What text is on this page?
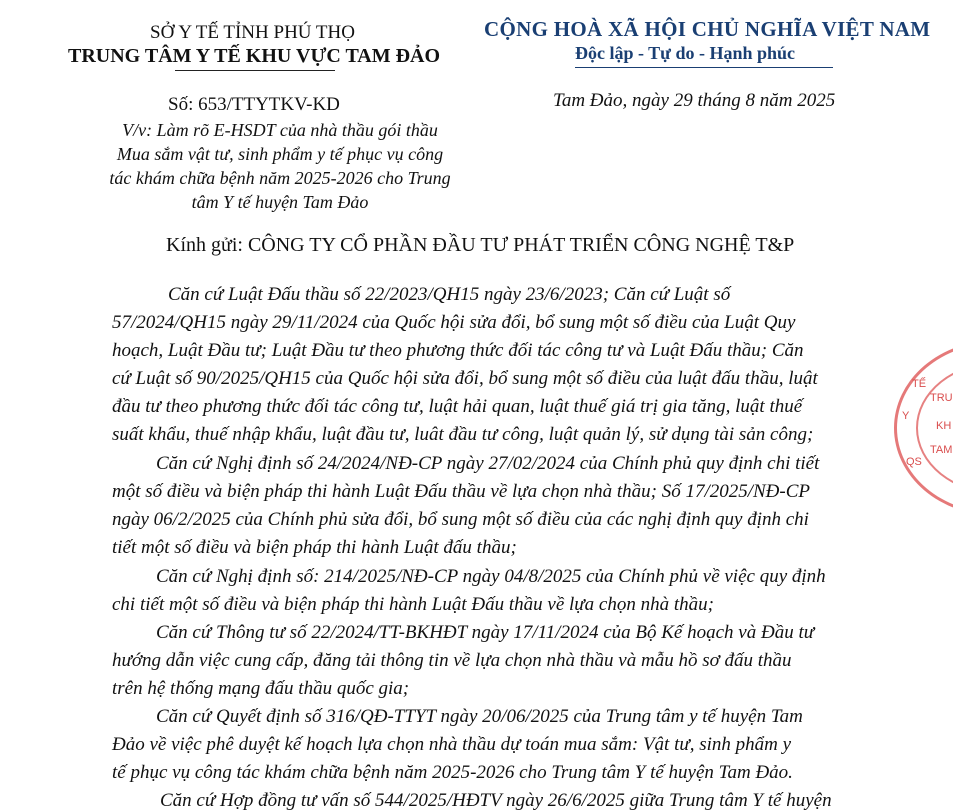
SỞ Y TẾ TỈNH PHÚ THỌ
TRUNG TÂM Y TẾ KHU VỰC TAM ĐẢO
CỘNG HOÀ XÃ HỘI CHỦ NGHĨA VIỆT NAM
Độc lập - Tự do - Hạnh phúc
Số: 653/TTYTKV-KD	Tam Đảo, ngày 29 tháng 8 năm 2025
V/v: Làm rõ E-HSDT của nhà thầu gói thầu
Mua sắm vật tư, sinh phẩm y tế phục vụ công
tác khám chữa bệnh năm 2025-2026 cho Trung
tâm Y tế huyện Tam Đảo
Kính gửi: CÔNG TY CỔ PHẦN ĐẦU TƯ PHÁT TRIỂN CÔNG NGHỆ T&P
Căn cứ Luật Đấu thầu số 22/2023/QH15 ngày 23/6/2023; Căn cứ Luật số
57/2024/QH15 ngày 29/11/2024 của Quốc hội sửa đổi, bổ sung một số điều của Luật Quy
hoạch, Luật Đầu tư; Luật Đầu tư theo phương thức đối tác công tư và Luật Đấu thầu; Căn
cứ Luật số 90/2025/QH15 của Quốc hội sửa đổi, bổ sung một số điều của luật đấu thầu, luật
đầu tư theo phương thức đối tác công tư, luật hải quan, luật thuế giá trị gia tăng, luật thuế
suất khẩu, thuế nhập khẩu, luật đầu tư, luât đầu tư công, luật quản lý, sử dụng tài sản công;
Căn cứ Nghị định số 24/2024/NĐ-CP ngày 27/02/2024 của Chính phủ quy định chi tiết
một số điều và biện pháp thi hành Luật Đấu thầu về lựa chọn nhà thầu; Số 17/2025/NĐ-CP
ngày 06/2/2025 của Chính phủ sửa đổi, bổ sung một số điều của các nghị định quy định chi
tiết một số điều và biện pháp thi hành Luật đấu thầu;
Căn cứ Nghị định số: 214/2025/NĐ-CP ngày 04/8/2025 của Chính phủ về việc quy định
chi tiết một số điều và biện pháp thi hành Luật Đấu thầu về lựa chọn nhà thầu;
Căn cứ Thông tư số 22/2024/TT-BKHĐT ngày 17/11/2024 của Bộ Kế hoạch và Đầu tư
hướng dẫn việc cung cấp, đăng tải thông tin về lựa chọn nhà thầu và mẫu hồ sơ đấu thầu
trên hệ thống mạng đấu thầu quốc gia;
Căn cứ Quyết định số 316/QĐ-TTYT ngày 20/06/2025 của Trung tâm y tế huyện Tam
Đảo về việc phê duyệt kế hoạch lựa chọn nhà thầu dự toán mua sắm: Vật tư, sinh phẩm y
tế phục vụ công tác khám chữa bệnh năm 2025-2026 cho Trung tâm Y tế huyện Tam Đảo.
Căn cứ Hợp đồng tư vấn số 544/2025/HĐTV ngày 26/6/2025 giữa Trung tâm Y tế huyện
Y
TẾ
TRU
KH
TAM
QS
